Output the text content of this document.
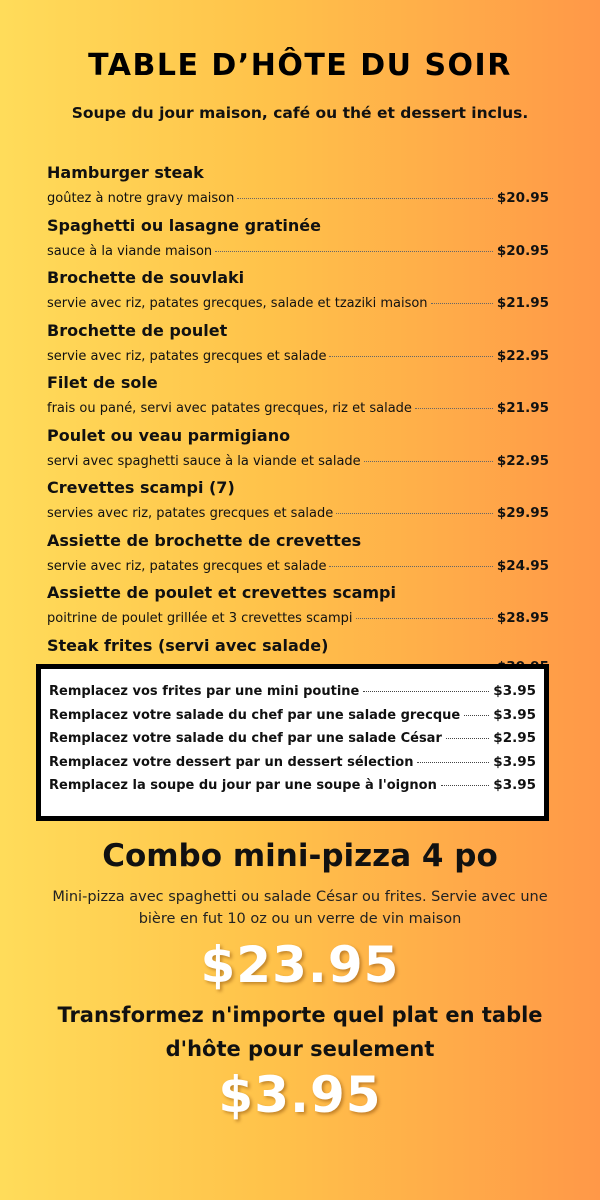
TABLE D’HÔTE DU SOIR
Soupe du jour maison, café ou thé et dessert inclus.
Hamburger steak
goûtez à notre gravy maison	$20.95
Spaghetti ou lasagne gratinée
sauce à la viande maison	$20.95
Brochette de souvlaki
servie avec riz, patates grecques, salade et tzaziki maison	$21.95
Brochette de poulet
servie avec riz, patates grecques et salade	$22.95
Filet de sole
frais ou pané, servi avec patates grecques, riz et salade	$21.95
Poulet ou veau parmigiano
servi avec spaghetti sauce à la viande et salade	$22.95
Crevettes scampi (7)
servies avec riz, patates grecques et salade	$29.95
Assiette de brochette de crevettes
servie avec riz, patates grecques et salade	$24.95
Assiette de poulet et crevettes scampi
poitrine de poulet grillée et 3 crevettes scampi	$28.95
Steak frites (servi avec salade)
Remplacez vos frites par une mini poutine	$3.95
Remplacez votre salade du chef par une salade grecque $3.95
Remplacez votre salade du chef par une salade César	$2.95
Remplacez votre dessert par un dessert sélection	$3.95
Remplacez la soupe du jour par une soupe à l'oignon	$3.95
Combo mini-pizza 4 po
Mini-pizza avec spaghetti ou salade César ou frites. Servie avec une bière en fut 10 oz ou un verre de vin maison
$23.95
Transformez n'importe quel plat en table d'hôte pour seulement
$3.95
